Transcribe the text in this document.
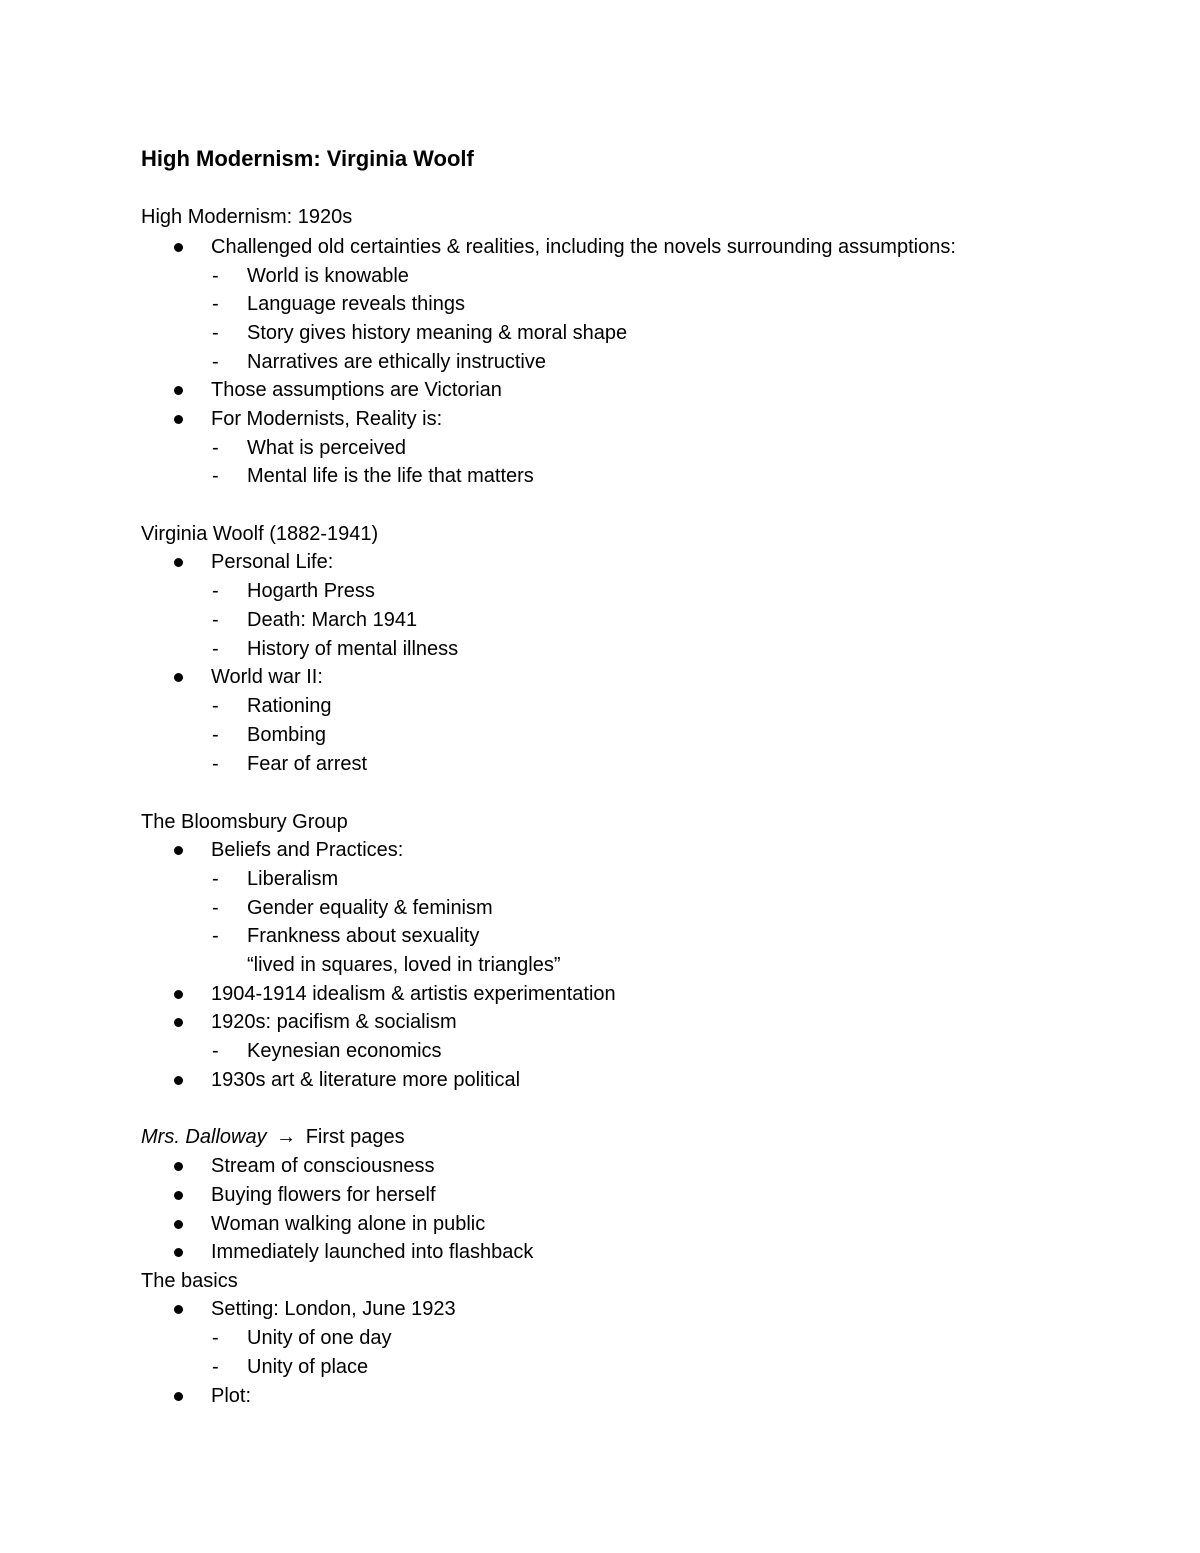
High Modernism: Virginia Woolf
High Modernism: 1920s
Challenged old certainties & realities, including the novels surrounding assumptions:
- World is knowable
- Language reveals things
- Story gives history meaning & moral shape
- Narratives are ethically instructive
Those assumptions are Victorian
For Modernists, Reality is:
- What is perceived
- Mental life is the life that matters
Virginia Woolf (1882-1941)
Personal Life:
- Hogarth Press
- Death: March 1941
- History of mental illness
World war II:
- Rationing
- Bombing
- Fear of arrest
The Bloomsbury Group
Beliefs and Practices:
- Liberalism
- Gender equality & feminism
- Frankness about sexuality
“lived in squares, loved in triangles”
1904-1914 idealism & artistis experimentation
1920s: pacifism & socialism
- Keynesian economics
1930s art & literature more political
Mrs. Dalloway → First pages
Stream of consciousness
Buying flowers for herself
Woman walking alone in public
Immediately launched into flashback
The basics
Setting: London, June 1923
- Unity of one day
- Unity of place
Plot:
